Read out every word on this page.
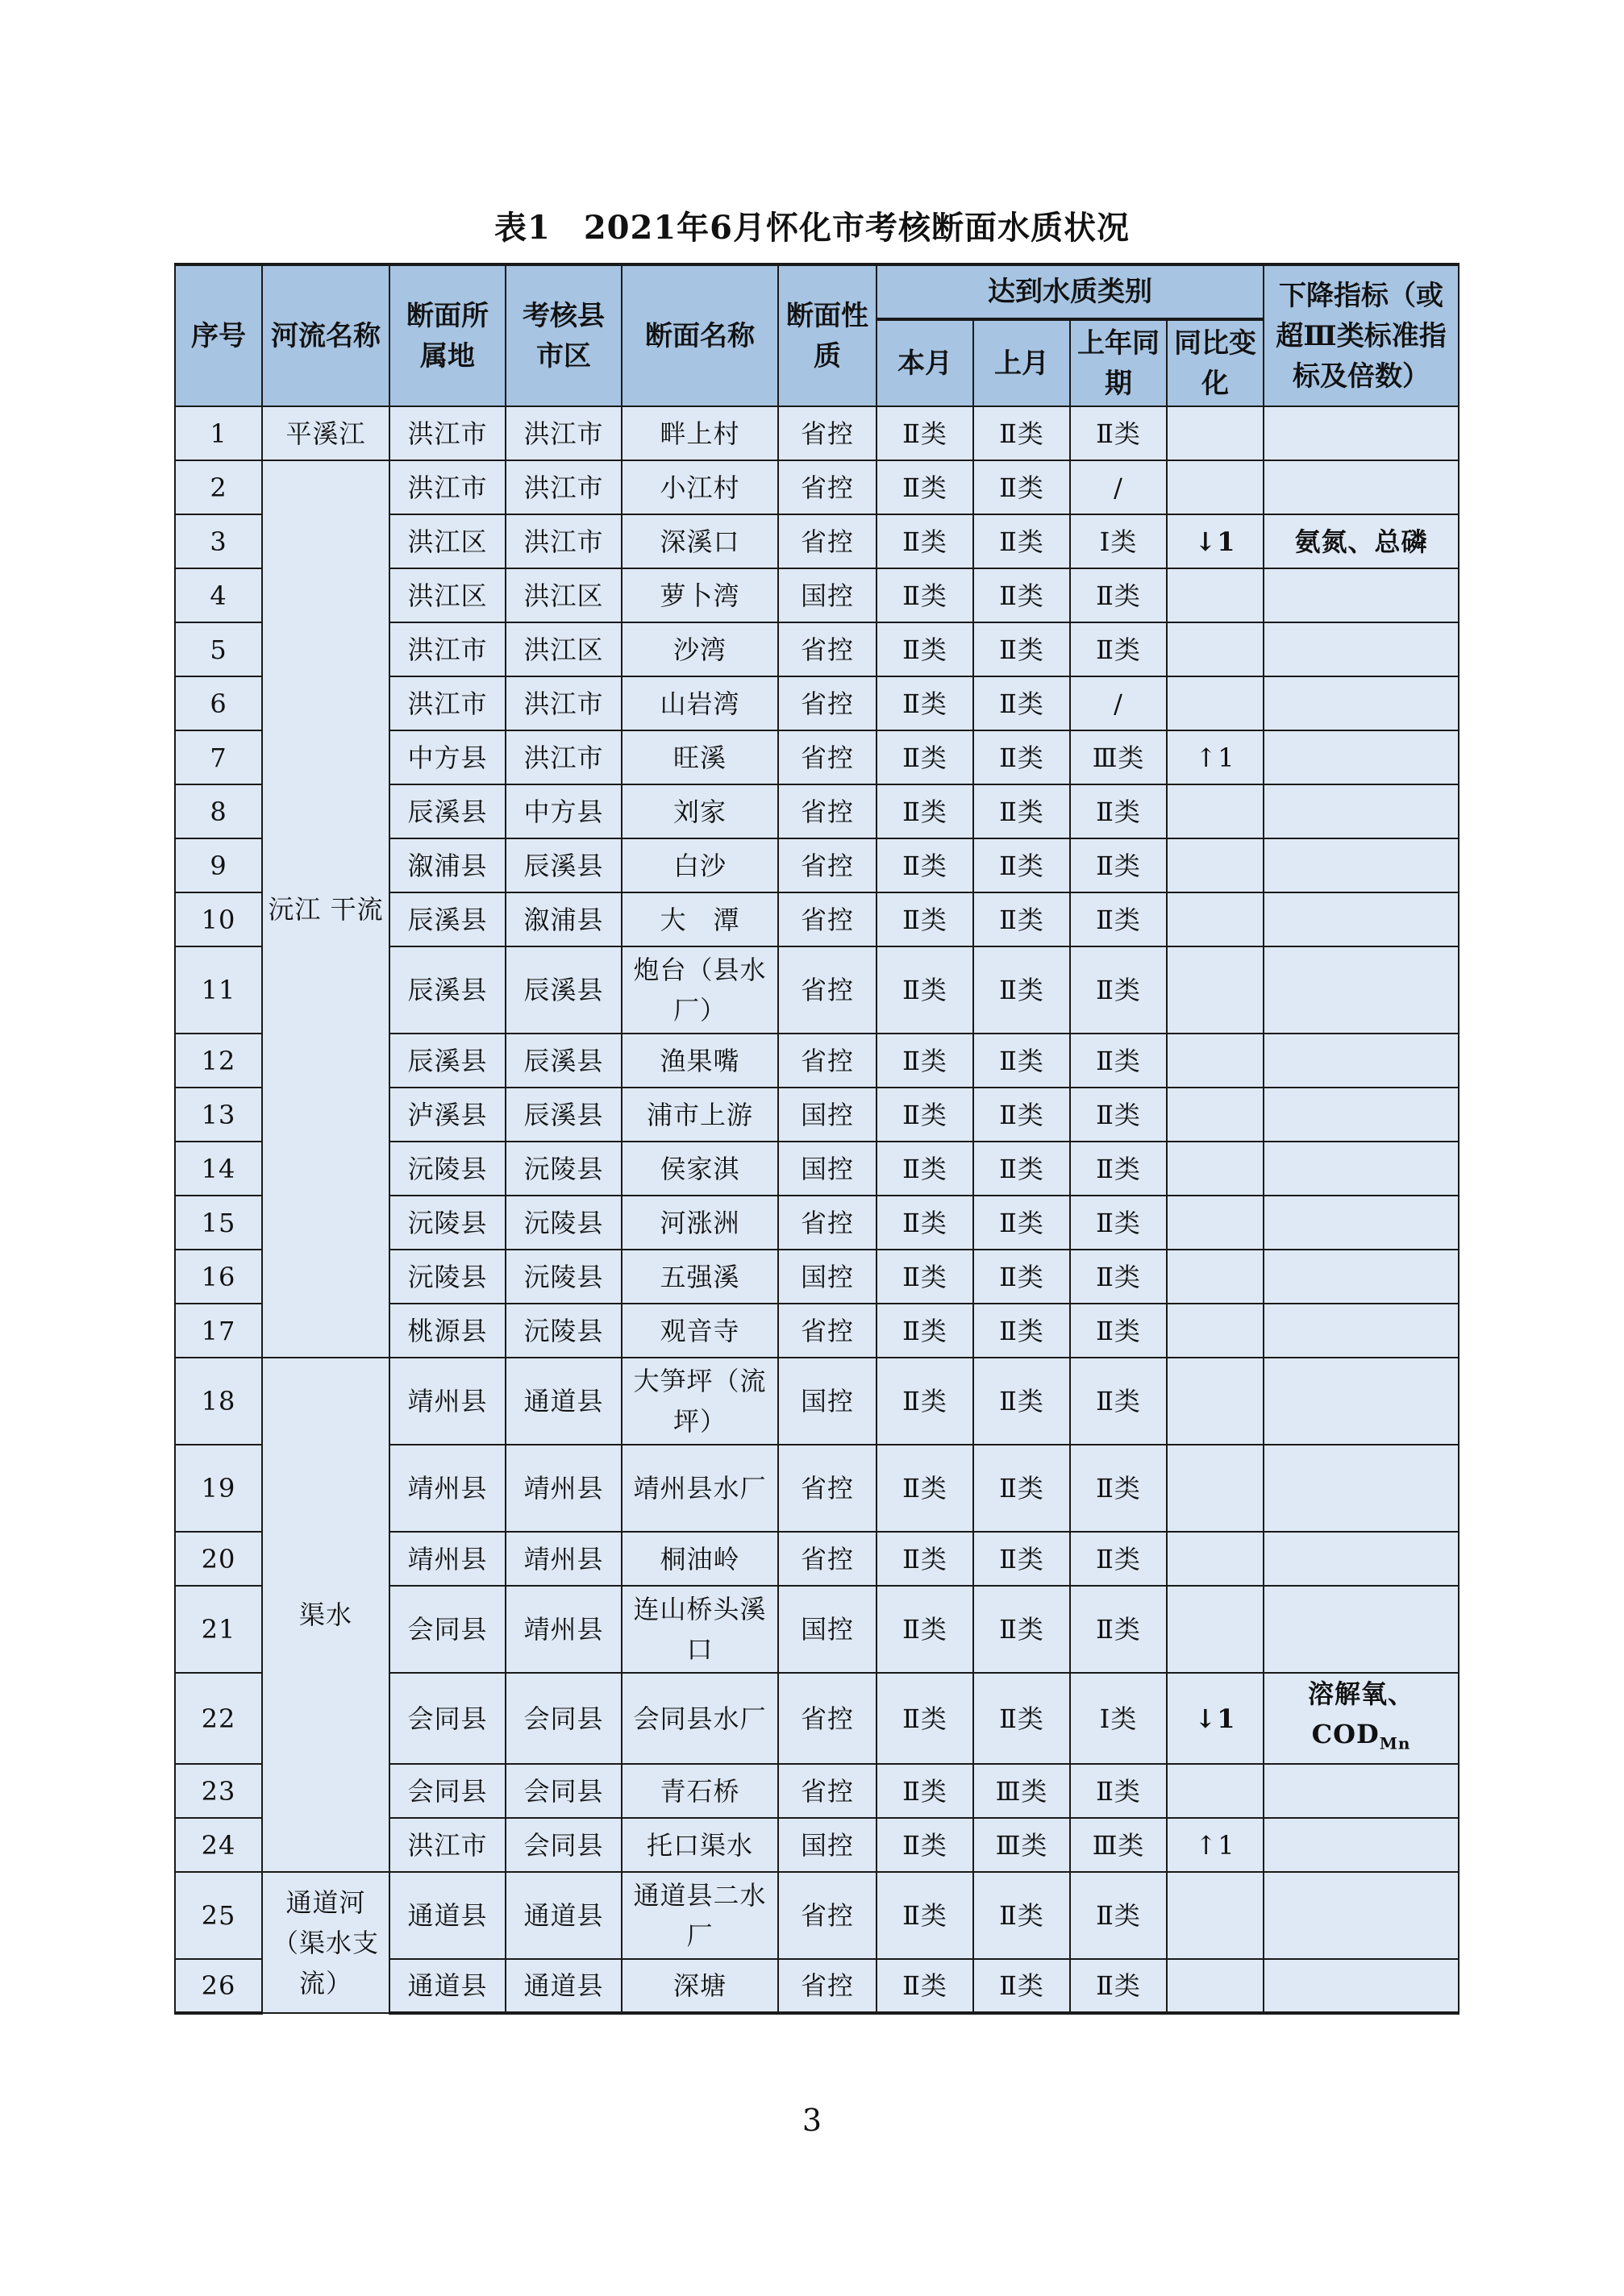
表1　2021年6月怀化市考核断面水质状况
序号	河流名称	断面所属地	考核县市区	断面名称	断面性质	达到水质类别				下降指标（或超Ⅲ类标准指标及倍数）
						本月	上月	上年同期	同比变化	
1	平溪江	洪江市	洪江市	畔上村	省控	Ⅱ类	Ⅱ类	Ⅱ类		
2	沅江 干流	洪江市	洪江市	小江村	省控	Ⅱ类	Ⅱ类	/		
3		洪江区	洪江市	深溪口	省控	Ⅱ类	Ⅱ类	Ⅰ类	↓1	氨氮、总磷
4		洪江区	洪江区	萝卜湾	国控	Ⅱ类	Ⅱ类	Ⅱ类		
5		洪江市	洪江区	沙湾	省控	Ⅱ类	Ⅱ类	Ⅱ类		
6		洪江市	洪江市	山岩湾	省控	Ⅱ类	Ⅱ类	/		
7		中方县	洪江市	旺溪	省控	Ⅱ类	Ⅱ类	Ⅲ类	↑1	
8		辰溪县	中方县	刘家	省控	Ⅱ类	Ⅱ类	Ⅱ类		
9		溆浦县	辰溪县	白沙	省控	Ⅱ类	Ⅱ类	Ⅱ类		
10		辰溪县	溆浦县	大　潭	省控	Ⅱ类	Ⅱ类	Ⅱ类		
11		辰溪县	辰溪县	炮台（县水厂）	省控	Ⅱ类	Ⅱ类	Ⅱ类		
12		辰溪县	辰溪县	渔果嘴	省控	Ⅱ类	Ⅱ类	Ⅱ类		
13		泸溪县	辰溪县	浦市上游	国控	Ⅱ类	Ⅱ类	Ⅱ类		
14		沅陵县	沅陵县	侯家淇	国控	Ⅱ类	Ⅱ类	Ⅱ类		
15		沅陵县	沅陵县	河涨洲	省控	Ⅱ类	Ⅱ类	Ⅱ类		
16		沅陵县	沅陵县	五强溪	国控	Ⅱ类	Ⅱ类	Ⅱ类		
17		桃源县	沅陵县	观音寺	省控	Ⅱ类	Ⅱ类	Ⅱ类		
18	渠水	靖州县	通道县	大笋坪（流坪）	国控	Ⅱ类	Ⅱ类	Ⅱ类		
19		靖州县	靖州县	靖州县水厂	省控	Ⅱ类	Ⅱ类	Ⅱ类		
20		靖州县	靖州县	桐油岭	省控	Ⅱ类	Ⅱ类	Ⅱ类		
21		会同县	靖州县	连山桥头溪口	国控	Ⅱ类	Ⅱ类	Ⅱ类		
22		会同县	会同县	会同县水厂	省控	Ⅱ类	Ⅱ类	Ⅰ类	↓1	溶解氧、
$COD_{Mn}$
23		会同县	会同县	青石桥	省控	Ⅱ类	Ⅲ类	Ⅱ类		
24		洪江市	会同县	托口渠水	国控	Ⅱ类	Ⅲ类	Ⅲ类	↑1	
25	通道河（渠水支流）	通道县	通道县	通道县二水厂	省控	Ⅱ类	Ⅱ类	Ⅱ类		
26		通道县	通道县	深塘	省控	Ⅱ类	Ⅱ类	Ⅱ类		
3
